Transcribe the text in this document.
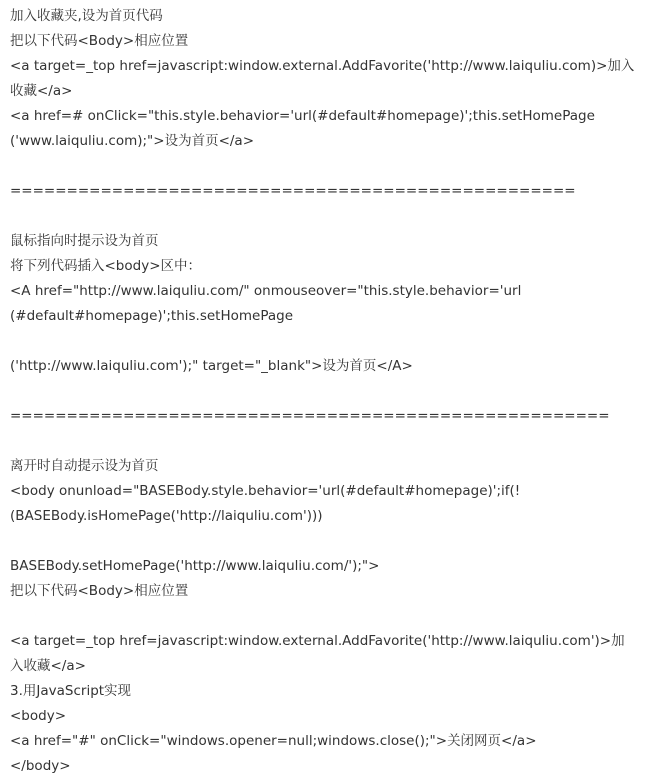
加入收藏夹,设为首页代码
把以下代码<Body>相应位置
<a target=_top href=javascript:window.external.AddFavorite('http://www.laiquliu.com)>加入
收藏</a>
<a href=# onClick="this.style.behavior='url(#default#homepage)';this.setHomePage
('www.laiquliu.com);">设为首页</a>
==================================================
鼠标指向时提示设为首页
将下列代码插入<body>区中：
<A href="http://www.laiquliu.com/" onmouseover="this.style.behavior='url
(#default#homepage)';this.setHomePage
('http://www.laiquliu.com');" target="_blank">设为首页</A>
=====================================================
离开时自动提示设为首页
<body onunload="BASEBody.style.behavior='url(#default#homepage)';if(!
(BASEBody.isHomePage('http://laiquliu.com')))
BASEBody.setHomePage('http://www.laiquliu.com/');">
把以下代码<Body>相应位置
<a target=_top href=javascript:window.external.AddFavorite('http://www.laiquliu.com')>加
入收藏</a>
3.用JavaScript实现
<body>
<a href="#" onClick="windows.opener=null;windows.close();">关闭网页</a>
</body>
